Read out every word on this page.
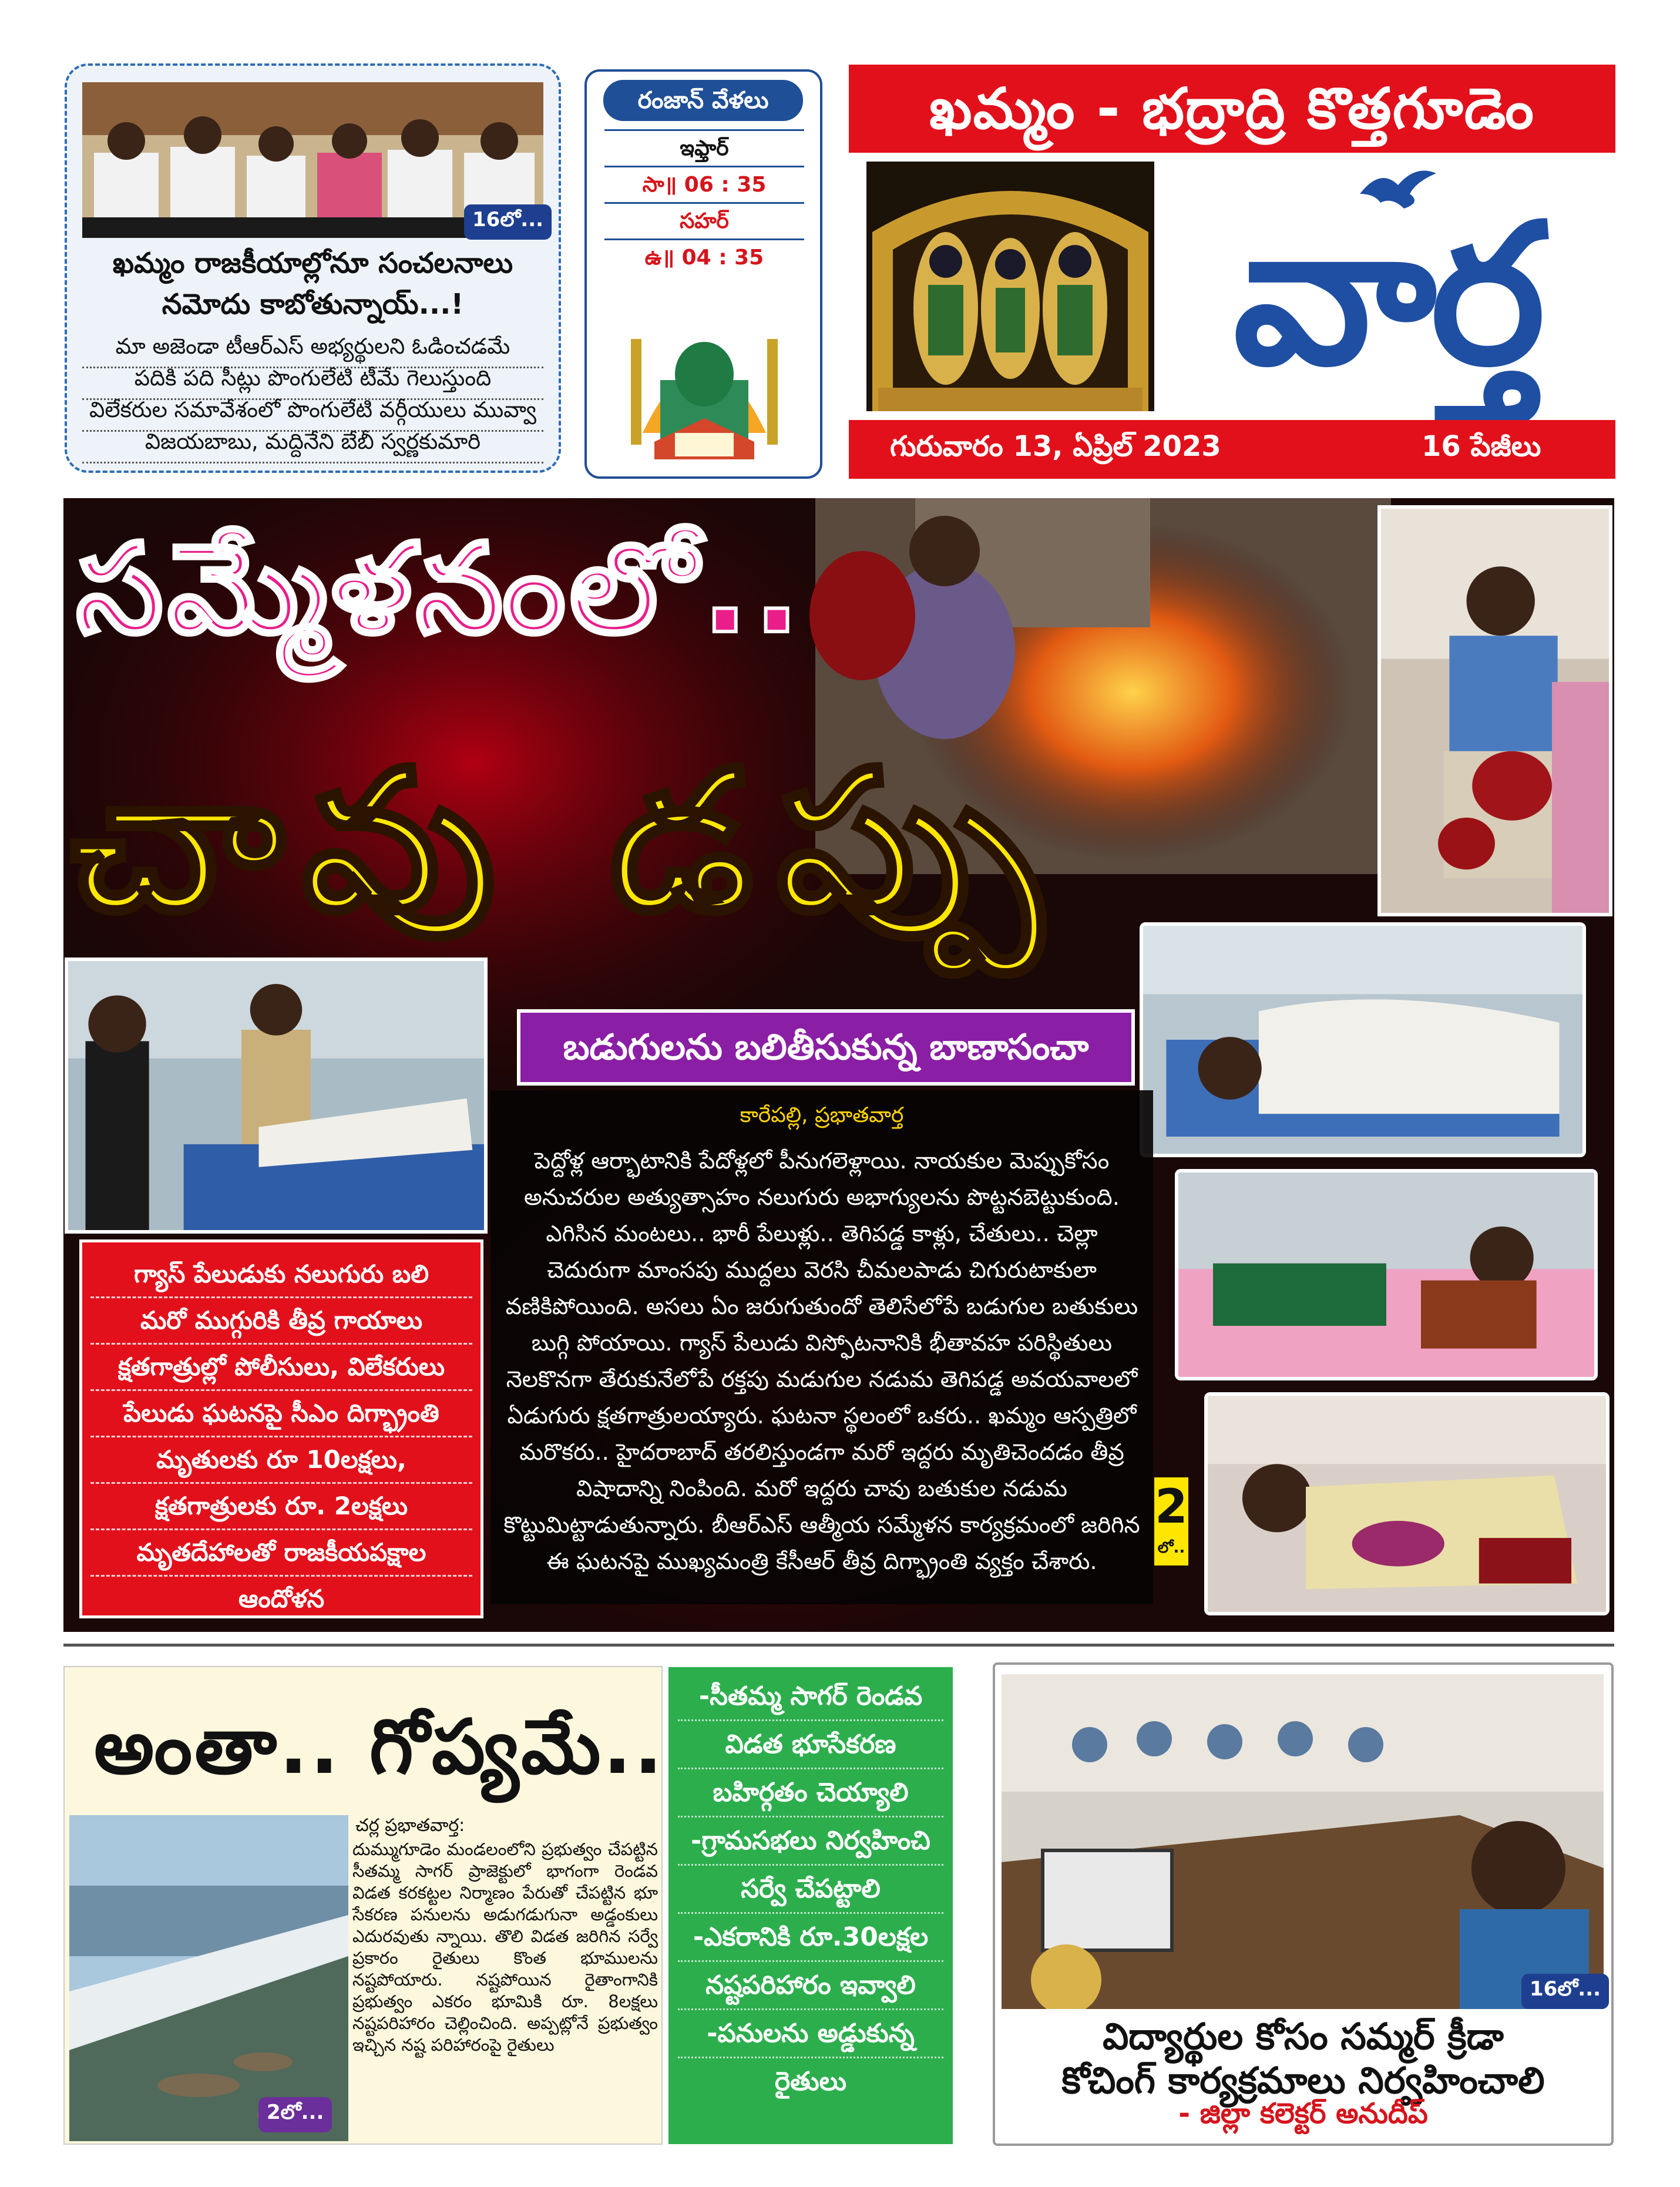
16లో...
ఖమ్మం రాజకీయాల్లోనూ సంచలనాలు
నమోదు కాబోతున్నాయ్...!
మా అజెండా టీఆర్ఎస్ అభ్యర్థులని ఓడించడమే
పదికి పది సీట్లు పొంగులేటి టీమే గెలుస్తుంది
విలేకరుల సమావేశంలో పొంగులేటి వర్గీయులు మువ్వా
విజయబాబు, మద్దినేని బేబీ స్వర్ణకుమారి
రంజాన్ వేళలు
ఇఫ్తార్
సా॥ 06 : 35
సహర్
ఉ॥ 04 : 35
ఖమ్మం - భద్రాద్రి కొత్తగూడెం
వార్త
గురువారం 13, ఏప్రిల్ 2023	16 పేజీలు
సమ్మేళనంలో..
చావు డప్పు
బడుగులను బలితీసుకున్న బాణాసంచా
కారేపల్లి, ప్రభాతవార్త

పెద్దోళ్ల ఆర్భాటానికి పేదోళ్లలో పీనుగలెళ్లాయి. నాయకుల మెప్పుకోసం అనుచరుల అత్యుత్సాహం నలుగురు అభాగ్యులను పొట్టనబెట్టుకుంది. ఎగిసిన మంటలు.. భారీ పేలుళ్లు.. తెగిపడ్డ కాళ్లు, చేతులు.. చెల్లా చెదురుగా మాంసపు ముద్దలు వెరసి చీమలపాడు చిగురుటాకులా వణికిపోయింది. అసలు ఏం జరుగుతుందో తెలిసేలోపే బడుగుల బతుకులు బుగ్గి పోయాయి. గ్యాస్ పేలుడు విస్ఫోటనానికి భీతావహ పరిస్థితులు నెలకొనగా తేరుకునేలోపే రక్తపు మడుగుల నడుమ తెగిపడ్డ అవయవాలలో ఏడుగురు క్షతగాత్రులయ్యారు. ఘటనా స్థలంలో ఒకరు.. ఖమ్మం ఆస్పత్రిలో మరొకరు.. హైదరాబాద్ తరలిస్తుండగా మరో ఇద్దరు మృతిచెందడం తీవ్ర విషాదాన్ని నింపింది. మరో ఇద్దరు చావు బతుకుల నడుమ కొట్టుమిట్టాడుతున్నారు. బీఆర్ఎస్ ఆత్మీయ సమ్మేళన కార్యక్రమంలో జరిగిన ఈ ఘటనపై ముఖ్యమంత్రి కేసీఆర్ తీవ్ర దిగ్భ్రాంతి వ్యక్తం చేశారు.

2
లో..
గ్యాస్ పేలుడుకు నలుగురు బలి
మరో ముగ్గురికి తీవ్ర గాయాలు
క్షతగాత్రుల్లో పోలీసులు, విలేకరులు
పేలుడు ఘటనపై సీఎం దిగ్భ్రాంతి
మృతులకు రూ 10లక్షలు,
క్షతగాత్రులకు రూ. 2లక్షలు
మృతదేహాలతో రాజకీయపక్షాల
ఆందోళన
అంతా.. గోప్యమే..
2లో...
చర్ల ప్రభాతవార్త:
దుమ్ముగూడెం మండలంలోని ప్రభుత్వం చేపట్టిన సీతమ్మ సాగర్ ప్రాజెక్టులో భాగంగా రెండవ విడత కరకట్టల నిర్మాణం పేరుతో చేపట్టిన భూ సేకరణ పనులను అడుగడుగునా అడ్డంకులు ఎదురవుతు న్నాయి. తొలి విడత జరిగిన సర్వే ప్రకారం రైతులు కొంత భూములను నష్టపోయారు. నష్టపోయిన రైతాంగానికి ప్రభుత్వం ఎకరం భూమికి రూ. 8లక్షలు నష్టపరిహారం చెల్లించింది. అప్పట్లోనే ప్రభుత్వం ఇచ్చిన నష్ట పరిహారంపై రైతులు
-సీతమ్మ సాగర్ రెండవ
విడత భూసేకరణ
బహిర్గతం చెయ్యాలి
-గ్రామసభలు నిర్వహించి
సర్వే చేపట్టాలి
-ఎకరానికి రూ.30లక్షల
నష్టపరిహారం ఇవ్వాలి
-పనులను అడ్డుకున్న
రైతులు
16లో...
విద్యార్థుల కోసం సమ్మర్ క్రీడా
కోచింగ్ కార్యక్రమాలు నిర్వహించాలి
- జిల్లా కలెక్టర్ అనుదీప్
